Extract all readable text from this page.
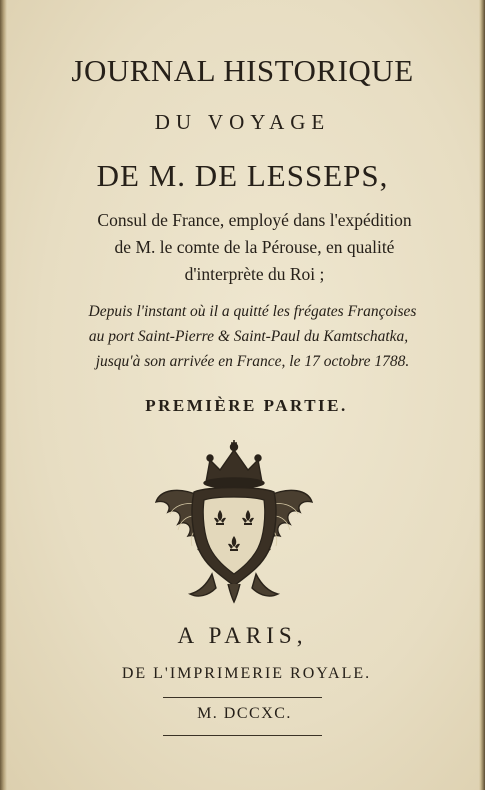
JOURNAL HISTORIQUE
DU VOYAGE
DE M. DE LESSEPS,
Consul de France, employé dans l'expédition
de M. le comte de la Pérouse, en qualité
d'interprète du Roi ;
Depuis l'instant où il a quitté les frégates Françoises
au port Saint-Pierre & Saint-Paul du Kamtschatka,
jusqu'à son arrivée en France, le 17 octobre 1788.
PREMIÈRE PARTIE.
A PARIS,
DE L'IMPRIMERIE ROYALE.
M. DCCXC.
